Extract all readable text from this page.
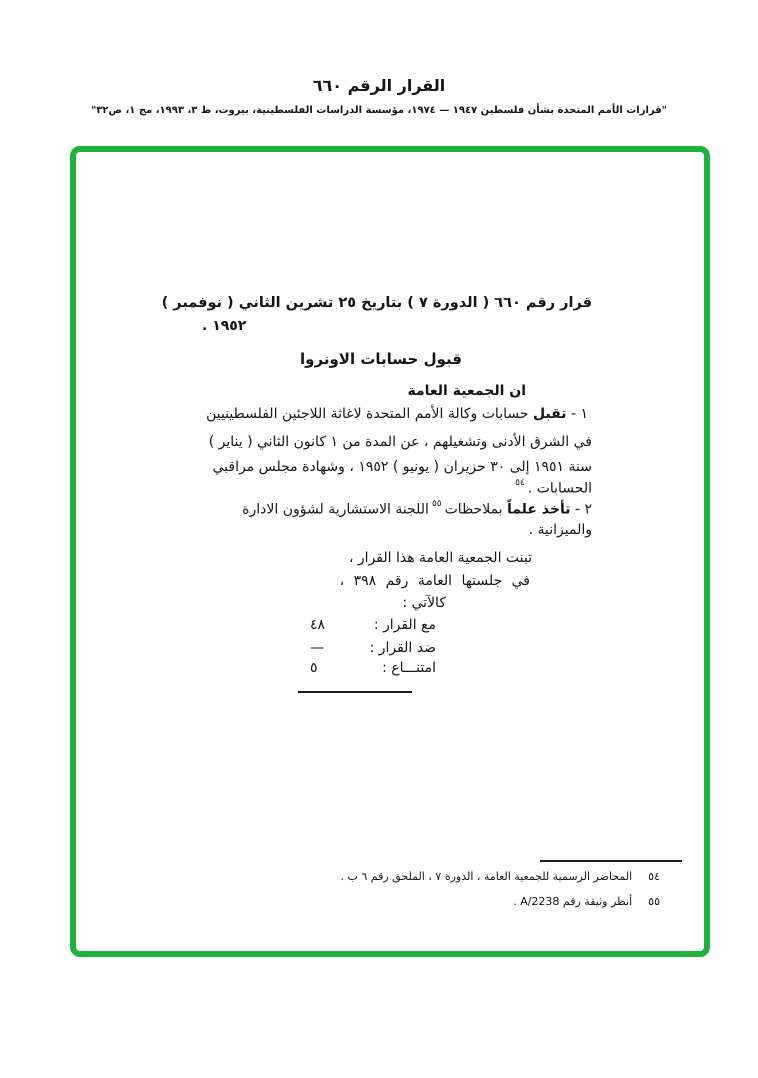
القرار الرقم ٦٦٠
"قرارات الأمم المتحدة بشأن فلسطين ١٩٤٧ — ١٩٧٤، مؤسسة الدراسات الفلسطينية، بيروت، ط ٣، ١٩٩٣، مج ١، ص٣٢"
قرار رقم ٦٦٠ ( الدورة ٧ ) بتاريخ ٢٥ تشرين الثاني ( نوفمبر )
١٩٥٢ .
قبول حسابات الاونروا
ان الجمعية العامة
١ - تقبل حسابات وكالة الأمم المتحدة لاغاثة اللاجئين الفلسطينيين
في الشرق الأدنى وتشغيلهم ، عن المدة من ١ كانون الثاني ( يناير )
سنة ١٩٥١ إلى ٣٠ حزيران ( يونيو ) ١٩٥٢ ، وشهادة مجلس مراقبي
الحسابات .$^{٥٤}$
٢ - تأخذ علماً بملاحظات$^{٥٥}$اللجنة الاستشارية لشؤون الادارة
والميزانية .
تبنت الجمعية العامة هذا القرار ،
في جلستها العامة رقم ٣٩٨ ،
كالآتي :
مع القرار :
٤٨
ضد القرار :
—
امتنـــاع :
٥
٥٤المحاضر الرسمية للجمعية العامة ، الدورة ٧ ، الملحق رقم ٦ ب .
٥٥أنظر وثيقة رقم A/2238 .
